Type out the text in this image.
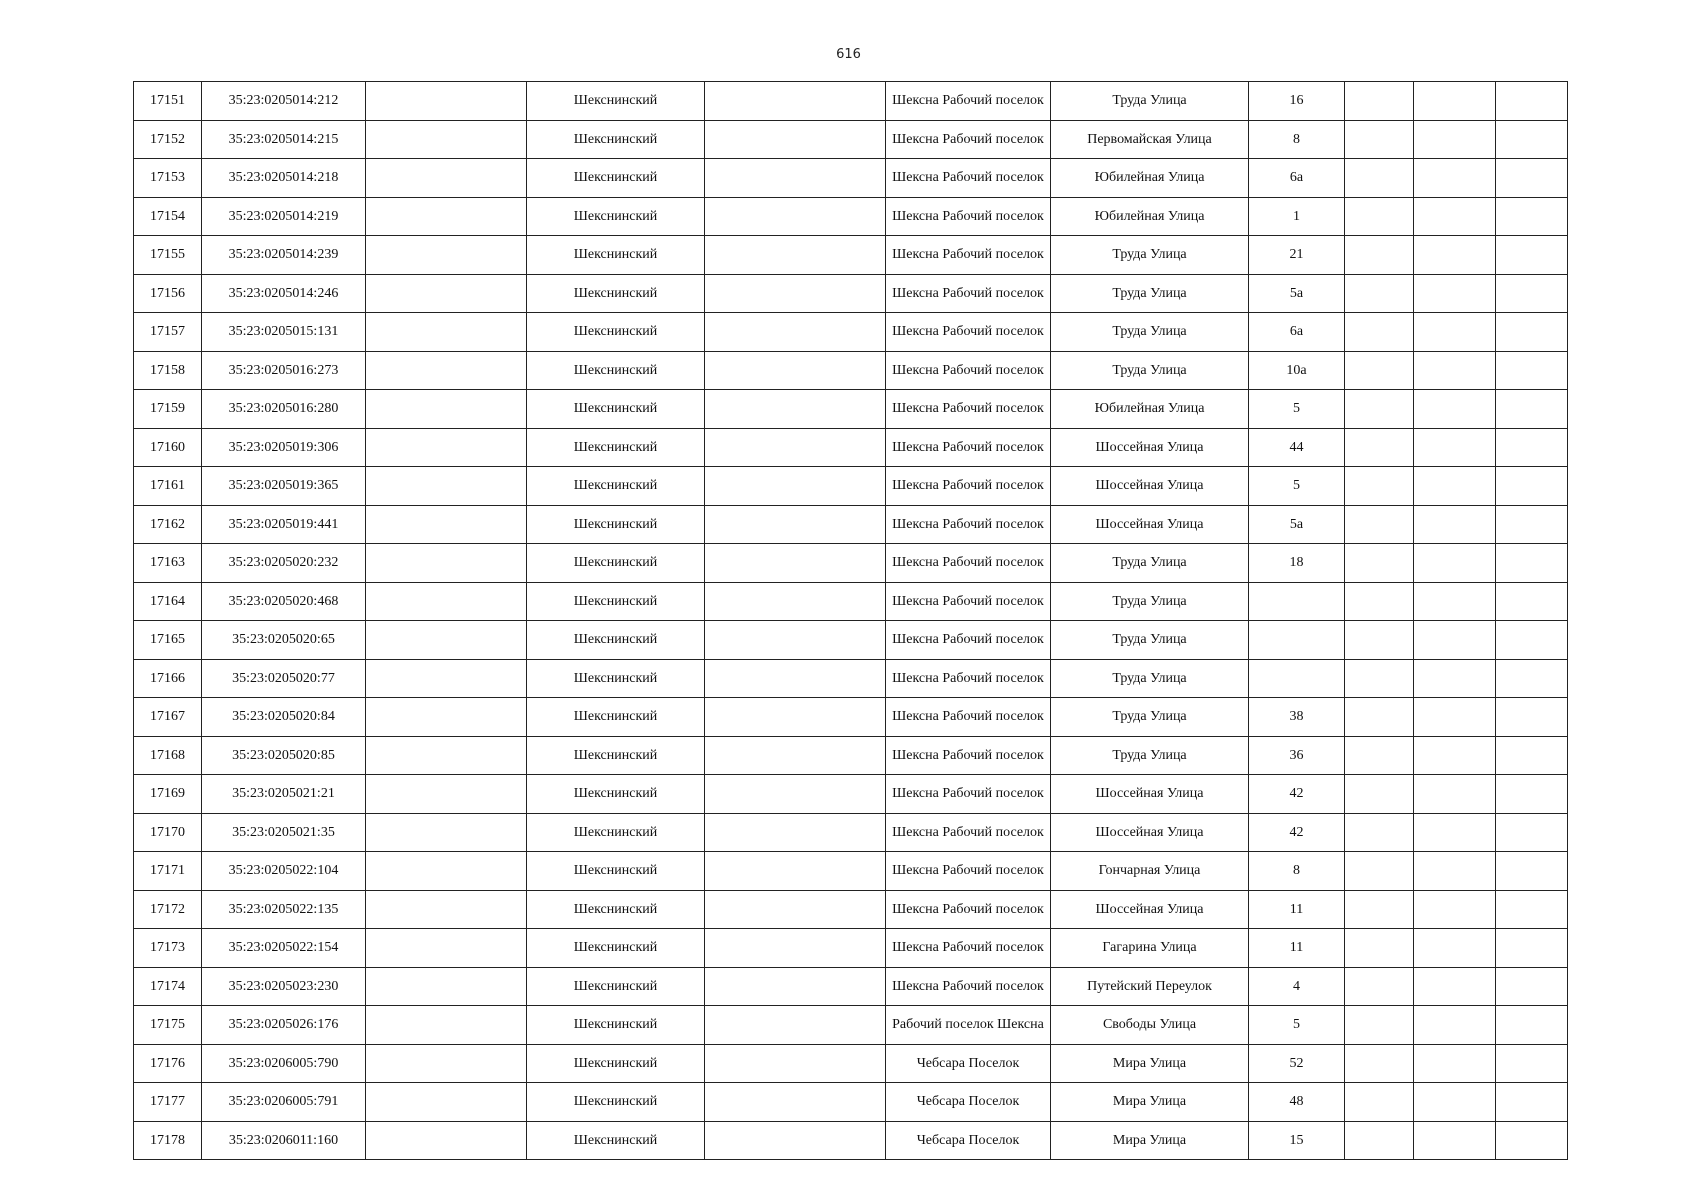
616
17151	35:23:0205014:212		Шекснинский		Шексна Рабочий поселок	Труда Улица	16			
17152	35:23:0205014:215		Шекснинский		Шексна Рабочий поселок	Первомайская Улица	8			
17153	35:23:0205014:218		Шекснинский		Шексна Рабочий поселок	Юбилейная Улица	6а			
17154	35:23:0205014:219		Шекснинский		Шексна Рабочий поселок	Юбилейная Улица	1			
17155	35:23:0205014:239		Шекснинский		Шексна Рабочий поселок	Труда Улица	21			
17156	35:23:0205014:246		Шекснинский		Шексна Рабочий поселок	Труда Улица	5а			
17157	35:23:0205015:131		Шекснинский		Шексна Рабочий поселок	Труда Улица	6а			
17158	35:23:0205016:273		Шекснинский		Шексна Рабочий поселок	Труда Улица	10а			
17159	35:23:0205016:280		Шекснинский		Шексна Рабочий поселок	Юбилейная Улица	5			
17160	35:23:0205019:306		Шекснинский		Шексна Рабочий поселок	Шоссейная Улица	44			
17161	35:23:0205019:365		Шекснинский		Шексна Рабочий поселок	Шоссейная Улица	5			
17162	35:23:0205019:441		Шекснинский		Шексна Рабочий поселок	Шоссейная Улица	5а			
17163	35:23:0205020:232		Шекснинский		Шексна Рабочий поселок	Труда Улица	18			
17164	35:23:0205020:468		Шекснинский		Шексна Рабочий поселок	Труда Улица				
17165	35:23:0205020:65		Шекснинский		Шексна Рабочий поселок	Труда Улица				
17166	35:23:0205020:77		Шекснинский		Шексна Рабочий поселок	Труда Улица				
17167	35:23:0205020:84		Шекснинский		Шексна Рабочий поселок	Труда Улица	38			
17168	35:23:0205020:85		Шекснинский		Шексна Рабочий поселок	Труда Улица	36			
17169	35:23:0205021:21		Шекснинский		Шексна Рабочий поселок	Шоссейная Улица	42			
17170	35:23:0205021:35		Шекснинский		Шексна Рабочий поселок	Шоссейная Улица	42			
17171	35:23:0205022:104		Шекснинский		Шексна Рабочий поселок	Гончарная Улица	8			
17172	35:23:0205022:135		Шекснинский		Шексна Рабочий поселок	Шоссейная Улица	11			
17173	35:23:0205022:154		Шекснинский		Шексна Рабочий поселок	Гагарина Улица	11			
17174	35:23:0205023:230		Шекснинский		Шексна Рабочий поселок	Путейский Переулок	4			
17175	35:23:0205026:176		Шекснинский		Рабочий поселок Шексна	Свободы Улица	5			
17176	35:23:0206005:790		Шекснинский		Чебсара Поселок	Мира Улица	52			
17177	35:23:0206005:791		Шекснинский		Чебсара Поселок	Мира Улица	48			
17178	35:23:0206011:160		Шекснинский		Чебсара Поселок	Мира Улица	15			
